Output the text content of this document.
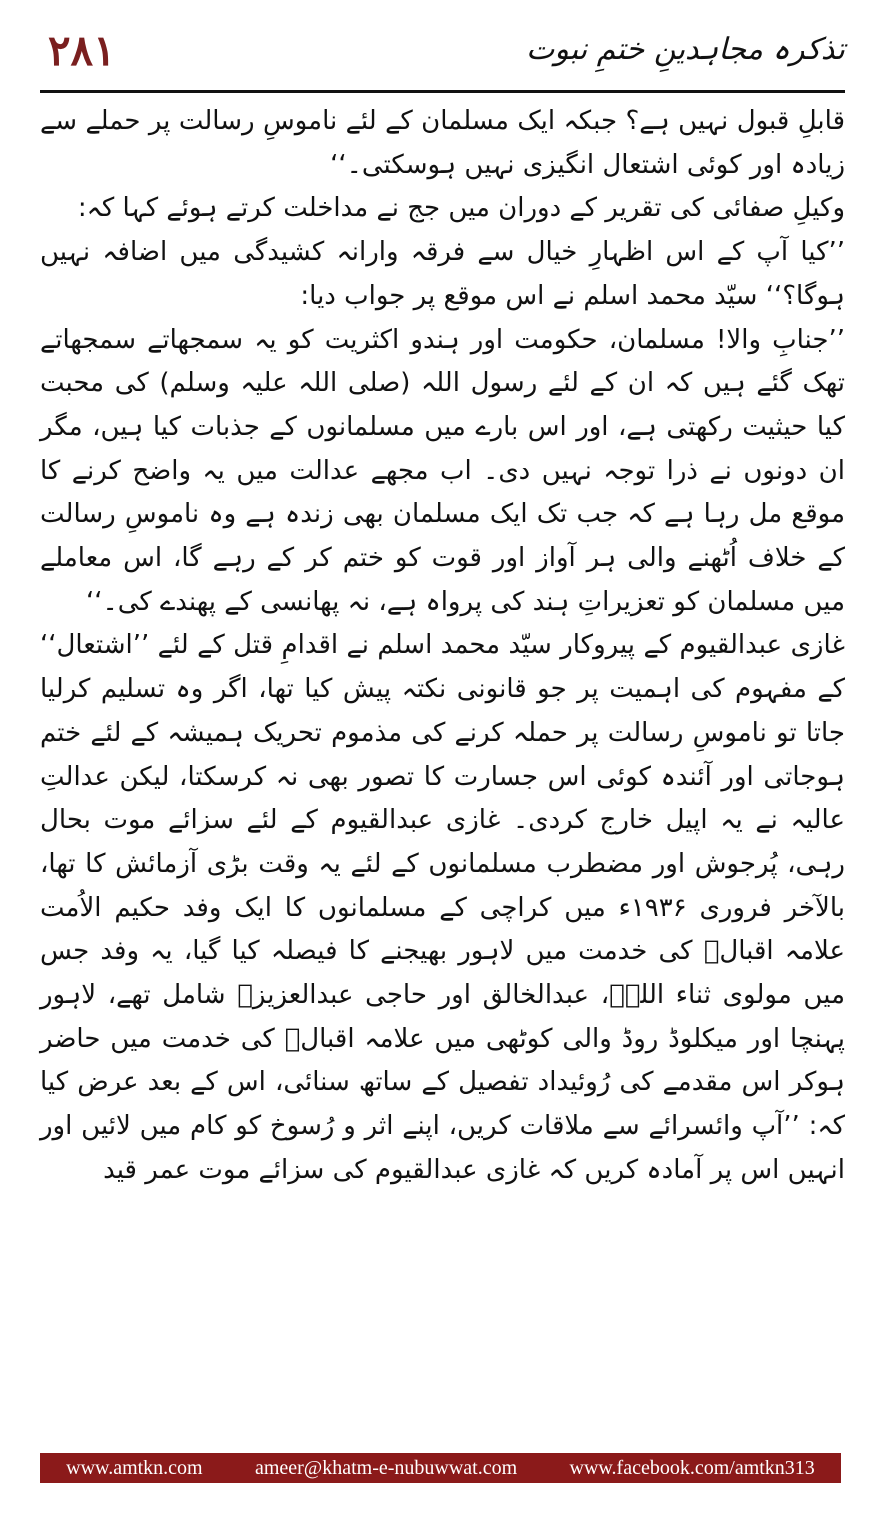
۲۸۱	تذکرہ مجاہدینِ ختمِ نبوت

قابلِ قبول نہیں ہے؟ جبکہ ایک مسلمان کے لئے ناموسِ رسالت پر حملے سے زیادہ اور کوئی اشتعال انگیزی نہیں ہوسکتی۔‘‘

وکیلِ صفائی کی تقریر کے دوران میں جج نے مداخلت کرتے ہوئے کہا کہ:

’’کیا آپ کے اس اظہارِ خیال سے فرقہ وارانہ کشیدگی میں اضافہ نہیں ہوگا؟‘‘ سیّد محمد اسلم نے اس موقع پر جواب دیا:

’’جنابِ والا! مسلمان، حکومت اور ہندو اکثریت کو یہ سمجھاتے سمجھاتے تھک گئے ہیں کہ ان کے لئے رسول اللہ (صلی اللہ علیہ وسلم) کی محبت کیا حیثیت رکھتی ہے، اور اس بارے میں مسلمانوں کے جذبات کیا ہیں، مگر ان دونوں نے ذرا توجہ نہیں دی۔ اب مجھے عدالت میں یہ واضح کرنے کا موقع مل رہا ہے کہ جب تک ایک مسلمان بھی زندہ ہے وہ ناموسِ رسالت کے خلاف اُٹھنے والی ہر آواز اور قوت کو ختم کر کے رہے گا، اس معاملے میں مسلمان کو تعزیراتِ ہند کی پرواہ ہے، نہ پھانسی کے پھندے کی۔‘‘

غازی عبدالقیوم کے پیروکار سیّد محمد اسلم نے اقدامِ قتل کے لئے ’’اشتعال‘‘ کے مفہوم کی اہمیت پر جو قانونی نکتہ پیش کیا تھا، اگر وہ تسلیم کرلیا جاتا تو ناموسِ رسالت پر حملہ کرنے کی مذموم تحریک ہمیشہ کے لئے ختم ہوجاتی اور آئندہ کوئی اس جسارت کا تصور بھی نہ کرسکتا، لیکن عدالتِ عالیہ نے یہ اپیل خارج کردی۔ غازی عبدالقیوم کے لئے سزائے موت بحال رہی، پُرجوش اور مضطرب مسلمانوں کے لئے یہ وقت بڑی آزمائش کا تھا، بالآخر فروری ۱۹۳۶ء میں کراچی کے مسلمانوں کا ایک وفد حکیم الاُمت علامہ اقبالؒ کی خدمت میں لاہور بھیجنے کا فیصلہ کیا گیا، یہ وفد جس میں مولوی ثناء اللہؒ، عبدالخالق اور حاجی عبدالعزیزؒ شامل تھے، لاہور پہنچا اور میکلوڈ روڈ والی کوٹھی میں علامہ اقبالؒ کی خدمت میں حاضر ہوکر اس مقدمے کی رُوئیداد تفصیل کے ساتھ سنائی، اس کے بعد عرض کیا کہ: ’’آپ وائسرائے سے ملاقات کریں، اپنے اثر و رُسوخ کو کام میں لائیں اور انہیں اس پر آمادہ کریں کہ غازی عبدالقیوم کی سزائے موت عمر قید

www.amtkn.com	ameer@khatm-e-nubuwwat.com	www.facebook.com/amtkn313
